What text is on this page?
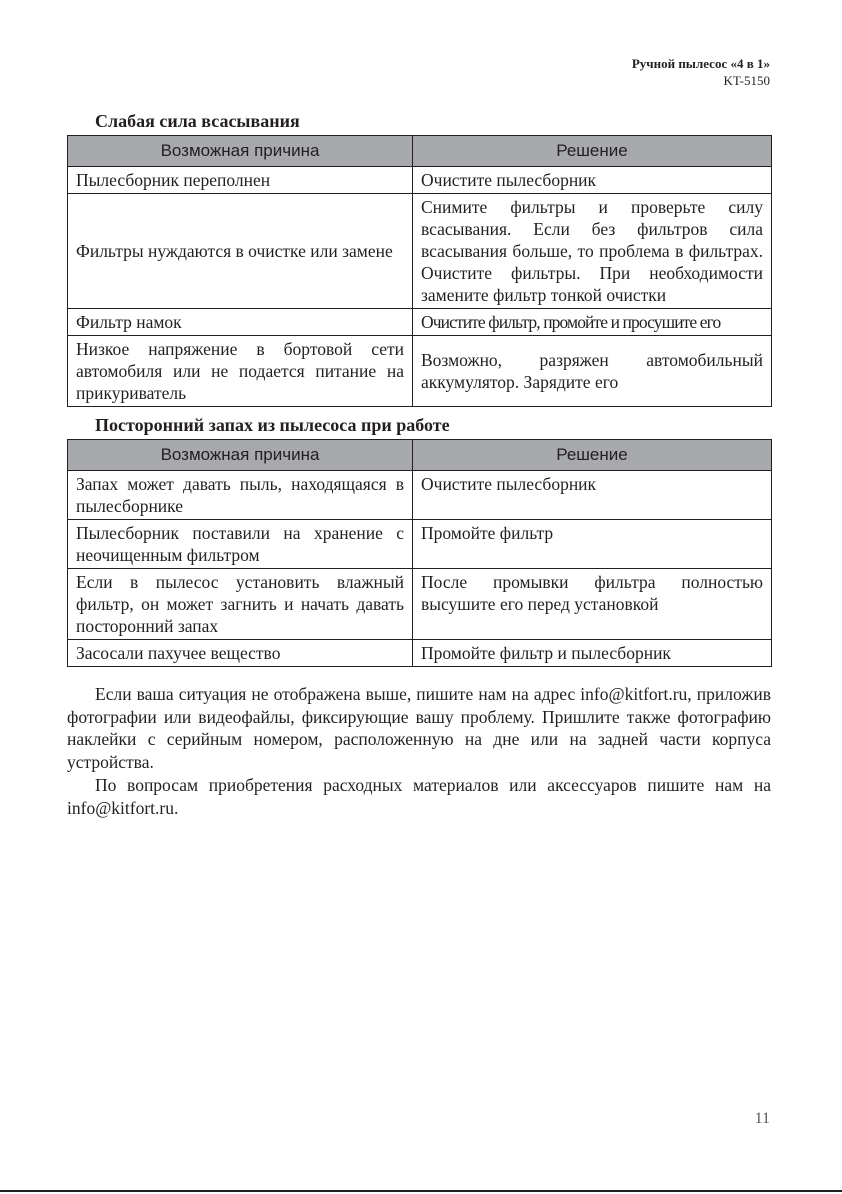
Ручной пылесос «4 в 1»
KT-5150
Слабая сила всасывания
Возможная причина	Решение
Пылесборник переполнен	Очистите пылесборник
Фильтры нуждаются в очистке или замене	Снимите фильтры и проверьте силу всасывания. Если без фильтров сила всасывания больше, то проблема в фильтрах. Очистите фильтры. При необходимости замените фильтр тонкой очистки
Фильтр намок	Очистите фильтр, промойте и просушите его
Низкое напряжение в бортовой сети автомобиля или не подается питание на прикуриватель	Возможно, разряжен автомобильный аккумулятор. Зарядите его
Посторонний запах из пылесоса при работе
Возможная причина	Решение
Запах может давать пыль, находящаяся в пылесборнике	Очистите пылесборник
Пылесборник поставили на хранение с неочищенным фильтром	Промойте фильтр
Если в пылесос установить влажный фильтр, он может загнить и начать давать посторонний запах	После промывки фильтра полностью высушите его перед установкой
Засосали пахучее вещество	Промойте фильтр и пылесборник

Если ваша ситуация не отображена выше, пишите нам на адрес info@kitfort.ru, приложив фотографии или видеофайлы, фиксирующие вашу проблему. Пришлите также фотографию наклейки с серийным номером, расположенную на дне или на задней части корпуса устройства.

По вопросам приобретения расходных материалов или аксессуаров пишите нам на info@kitfort.ru.

11
